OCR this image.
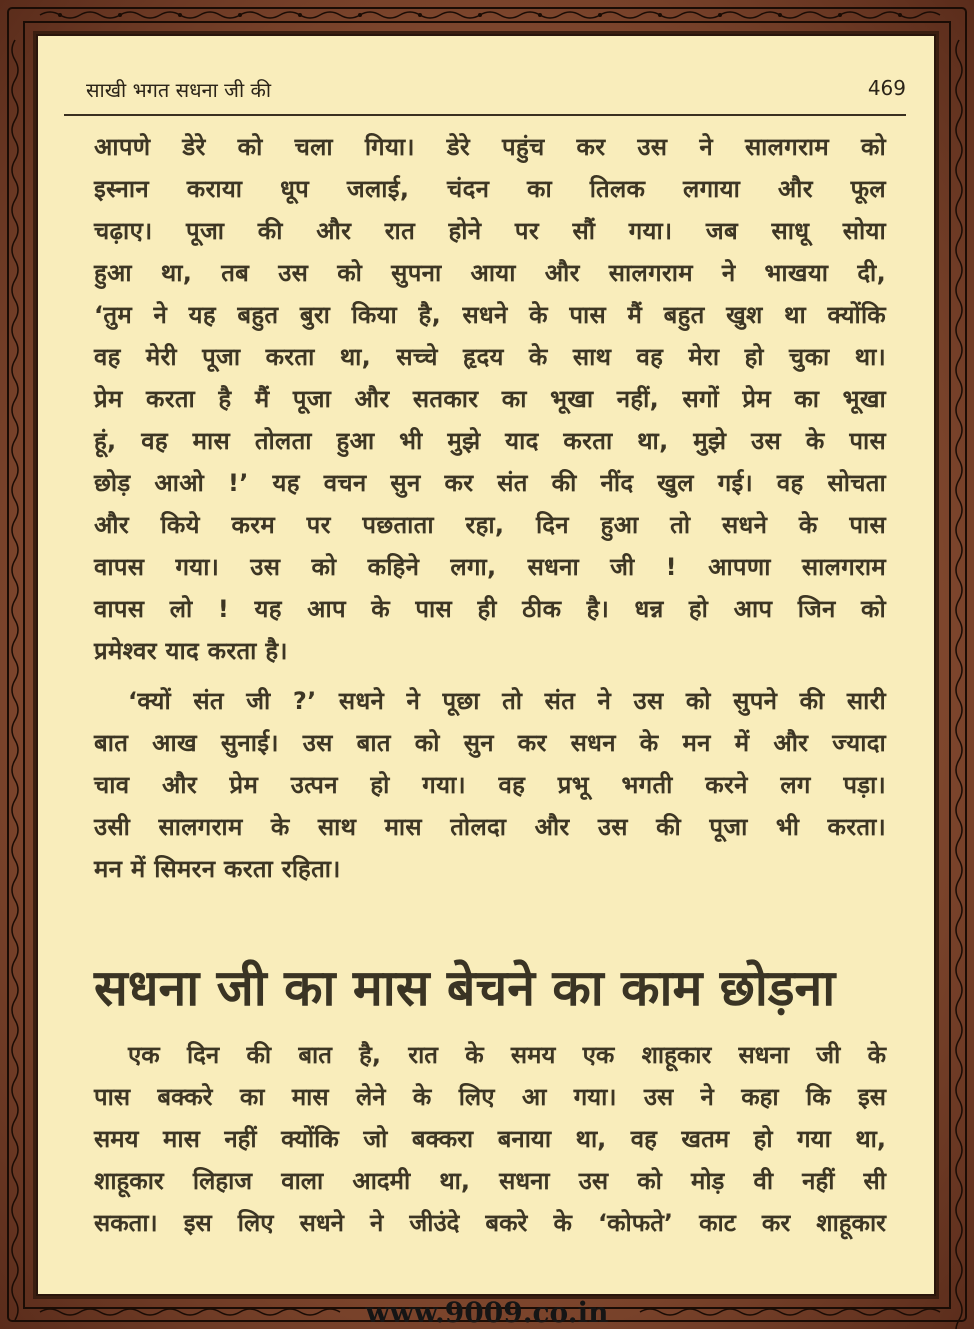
साखी भगत सधना जी की	469
आपणे डेरे को चला गिया। डेरे पहुंच कर उस ने सालगराम को
इस्नान कराया धूप जलाई, चंदन का तिलक लगाया और फूल
चढ़ाए। पूजा की और रात होने पर सौं गया। जब साधू सोया
हुआ था, तब उस को सुपना आया और सालगराम ने भाखया दी,
‘तुम ने यह बहुत बुरा किया है, सधने के पास मैं बहुत खुश था क्योंकि
वह मेरी पूजा करता था, सच्चे हृदय के साथ वह मेरा हो चुका था।
प्रेम करता है मैं पूजा और सतकार का भूखा नहीं, सगों प्रेम का भूखा
हूं, वह मास तोलता हुआ भी मुझे याद करता था, मुझे उस के पास
छोड़ आओ !’ यह वचन सुन कर संत की नींद खुल गई। वह सोचता
और किये करम पर पछताता रहा, दिन हुआ तो सधने के पास
वापस गया। उस को कहिने लगा, सधना जी ! आपणा सालगराम
वापस लो ! यह आप के पास ही ठीक है। धन्न हो आप जिन को
प्रमेश्वर याद करता है।
‘क्यों संत जी ?’ सधने ने पूछा तो संत ने उस को सुपने की सारी
बात आख सुनाई। उस बात को सुन कर सधन के मन में और ज्यादा
चाव और प्रेम उत्पन हो गया। वह प्रभू भगती करने लग पड़ा।
उसी सालगराम के साथ मास तोलदा और उस की पूजा भी करता।
मन में सिमरन करता रहिता।
सधना जी का मास बेचने का काम छोड़ना
एक दिन की बात है, रात के समय एक शाहूकार सधना जी के
पास बक्करे का मास लेने के लिए आ गया। उस ने कहा कि इस
समय मास नहीं क्योंकि जो बक्करा बनाया था, वह खतम हो गया था,
शाहूकार लिहाज वाला आदमी था, सधना उस को मोड़ वी नहीं सी
सकता। इस लिए सधने ने जीउंदे बकरे के ‘कोफते’ काट कर शाहूकार
www.9009.co.in
